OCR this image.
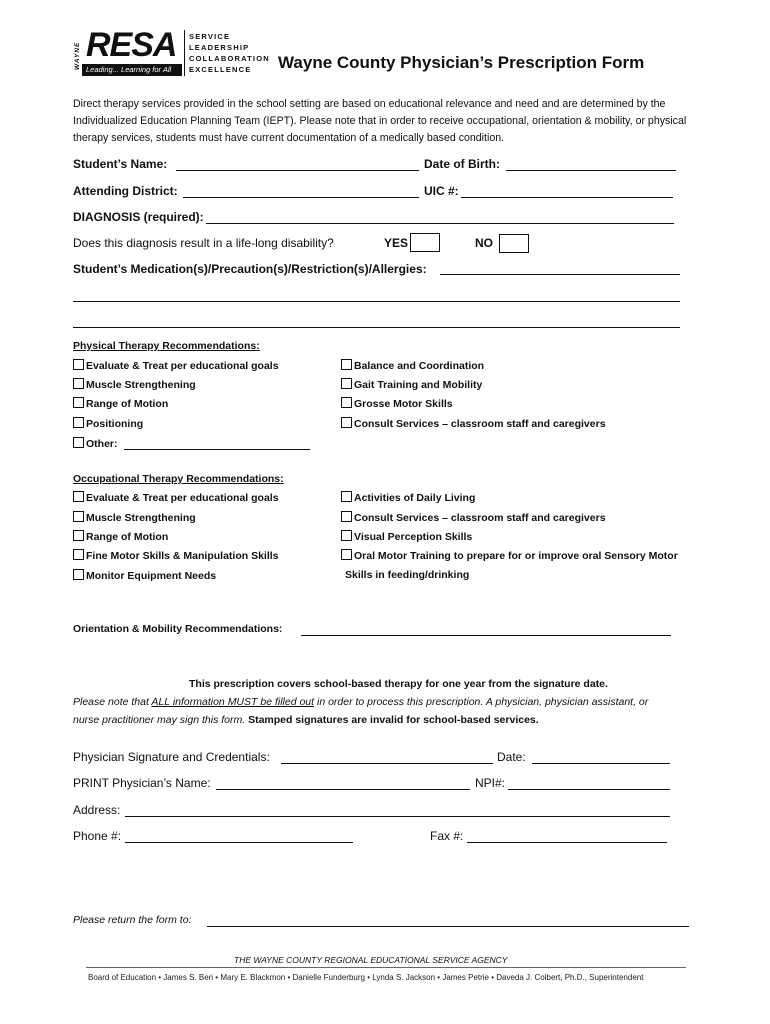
WAYNE RESA
Leading... Learning for All
SERVICE
LEADERSHIP
COLLABORATION
EXCELLENCE	Wayne County Physician’s Prescription Form
Direct therapy services provided in the school setting are based on educational relevance and need and are determined by the Individualized Education Planning Team (IEPT). Please note that in order to receive occupational, orientation & mobility, or physical therapy services, students must have current documentation of a medically based condition.
Student’s Name:	Date of Birth:
Attending District:	UIC #:
DIAGNOSIS (required):
Does this diagnosis result in a life-long disability?	YES	NO
Student’s Medication(s)/Precaution(s)/Restriction(s)/Allergies:
Physical Therapy Recommendations:
Evaluate & Treat per educational goals
Muscle Strengthening
Range of Motion
Positioning
Other:
Balance and Coordination
Gait Training and Mobility
Grosse Motor Skills
Consult Services – classroom staff and caregivers
Occupational Therapy Recommendations:
Evaluate & Treat per educational goals
Muscle Strengthening
Range of Motion
Fine Motor Skills & Manipulation Skills
Monitor Equipment Needs
Activities of Daily Living
Consult Services – classroom staff and caregivers
Visual Perception Skills
Oral Motor Training to prepare for or improve oral Sensory Motor
Skills in feeding/drinking
Orientation & Mobility Recommendations:
This prescription covers school-based therapy for one year from the signature date.
Please note that ALL information MUST be filled out in order to process this prescription. A physician, physician assistant, or
nurse practitioner may sign this form. Stamped signatures are invalid for school-based services.
Physician Signature and Credentials:	Date:
PRINT Physician’s Name:	NPI#:
Address:
Phone #:	Fax #:
Please return the form to:
THE WAYNE COUNTY REGIONAL EDUCATIONAL SERVICE AGENCY
Board of Education • James S. Beri • Mary E. Blackmon • Danielle Funderburg • Lynda S. Jackson • James Petrie • Daveda J. Colbert, Ph.D., Superintendent
